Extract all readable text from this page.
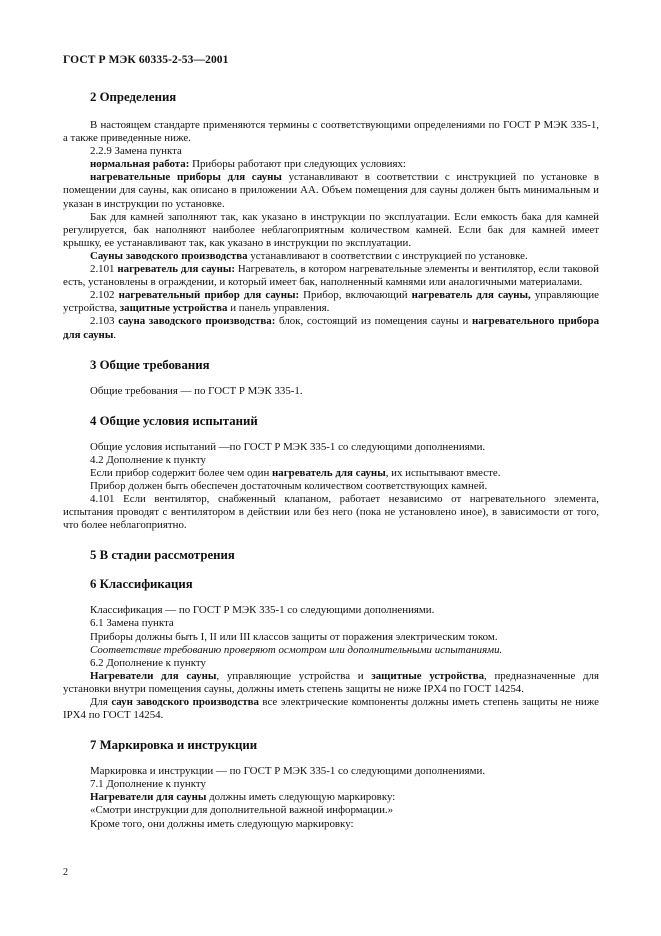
ГОСТ Р МЭК 60335-2-53—2001
2 Определения

В настоящем стандарте применяются термины с соответствующими определениями по ГОСТ Р МЭК 335-1, а также приведенные ниже.

2.2.9 Замена пункта

нормальная работа: Приборы работают при следующих условиях:

нагревательные приборы для сауны устанавливают в соответствии с инструкцией по установке в помещении для сауны, как описано в приложении АА. Объем помещения для сауны должен быть минимальным и указан в инструкции по установке.

Бак для камней заполняют так, как указано в инструкции по эксплуатации. Если емкость бака для камней регулируется, бак наполняют наиболее неблагоприятным количеством камней. Если бак для камней имеет крышку, ее устанавливают так, как указано в инструкции по эксплуатации.

Сауны заводского производства устанавливают в соответствии с инструкцией по установке.

2.101 нагреватель для сауны: Нагреватель, в котором нагревательные элементы и вентилятор, если таковой есть, установлены в ограждении, и который имеет бак, наполненный камнями или аналогичными материалами.

2.102 нагревательный прибор для сауны: Прибор, включающий нагреватель для сауны, управляющие устройства, защитные устройства и панель управления.

2.103 сауна заводского производства: блок, состоящий из помещения сауны и нагревательного прибора для сауны.

3 Общие требования

Общие требования — по ГОСТ Р МЭК 335-1.

4 Общие условия испытаний

Общие условия испытаний —по ГОСТ Р МЭК 335-1 со следующими дополнениями.

4.2 Дополнение к пункту

Если прибор содержит более чем один нагреватель для сауны, их испытывают вместе.

Прибор должен быть обеспечен достаточным количеством соответствующих камней.

4.101 Если вентилятор, снабженный клапаном, работает независимо от нагревательного элемента, испытания проводят с вентилятором в действии или без него (пока не установлено иное), в зависимости от того, что более неблагоприятно.

5 В стадии рассмотрения
6 Классификация

Классификация — по ГОСТ Р МЭК 335-1 со следующими дополнениями.

6.1 Замена пункта

Приборы должны быть I, II или III классов защиты от поражения электрическим током.

Соответствие требованию проверяют осмотром или дополнительными испытаниями.

6.2 Дополнение к пункту

Нагреватели для сауны, управляющие устройства и защитные устройства, предназначенные для установки внутри помещения сауны, должны иметь степень защиты не ниже IPX4 по ГОСТ 14254.

Для саун заводского производства все электрические компоненты должны иметь степень защиты не ниже IPX4 по ГОСТ 14254.

7 Маркировка и инструкции

Маркировка и инструкции — по ГОСТ Р МЭК 335-1 со следующими дополнениями.

7.1 Дополнение к пункту

Нагреватели для сауны должны иметь следующую маркировку:

«Смотри инструкции для дополнительной важной информации.»

Кроме того, они должны иметь следующую маркировку:

2
